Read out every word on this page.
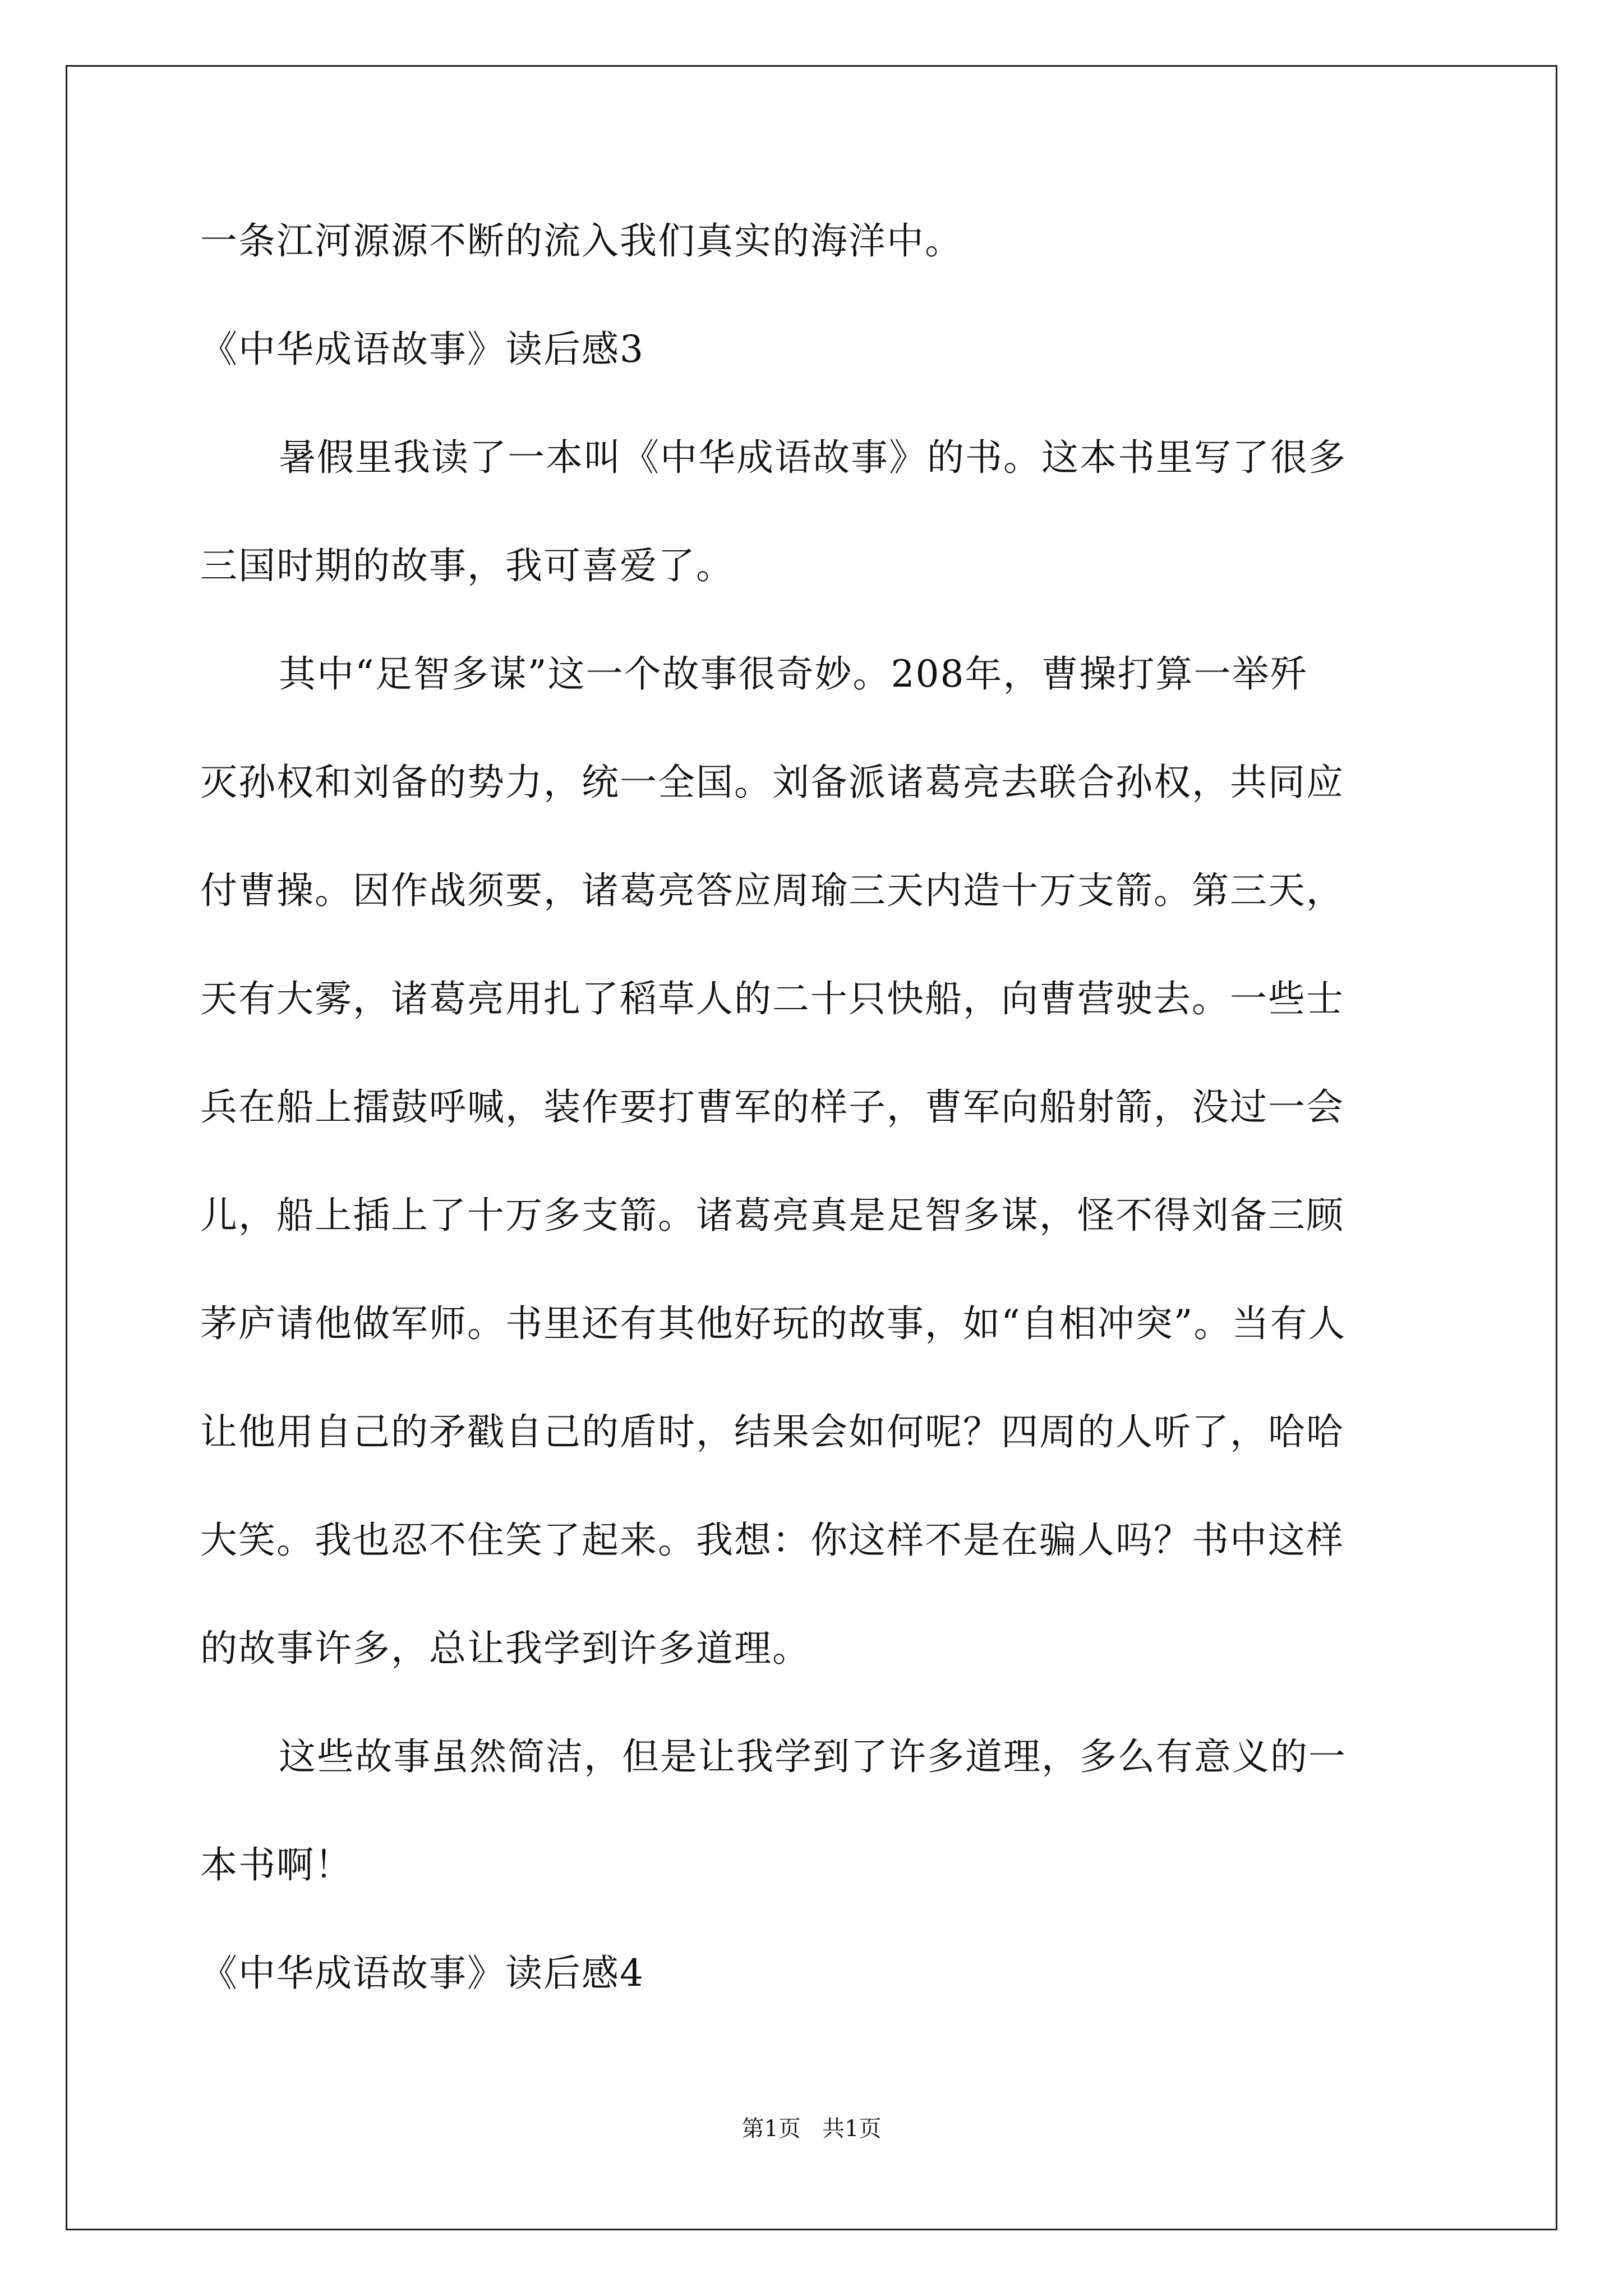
一条江河源源不断的流入我们真实的海洋中。
《中华成语故事》读后感3
暑假里我读了一本叫《中华成语故事》的书。这本书里写了很多
三国时期的故事，我可喜爱了。
其中“足智多谋”这一个故事很奇妙。208年，曹操打算一举歼
灭孙权和刘备的势力，统一全国。刘备派诸葛亮去联合孙权，共同应
付曹操。因作战须要，诸葛亮答应周瑜三天内造十万支箭。第三天，
天有大雾，诸葛亮用扎了稻草人的二十只快船，向曹营驶去。一些士
兵在船上擂鼓呼喊，装作要打曹军的样子，曹军向船射箭，没过一会
儿，船上插上了十万多支箭。诸葛亮真是足智多谋，怪不得刘备三顾
茅庐请他做军师。书里还有其他好玩的故事，如“自相冲突”。当有人
让他用自己的矛戳自己的盾时，结果会如何呢？四周的人听了，哈哈
大笑。我也忍不住笑了起来。我想：你这样不是在骗人吗？书中这样
的故事许多，总让我学到许多道理。
这些故事虽然简洁，但是让我学到了许多道理，多么有意义的一
本书啊！
《中华成语故事》读后感4
第1页   共1页
